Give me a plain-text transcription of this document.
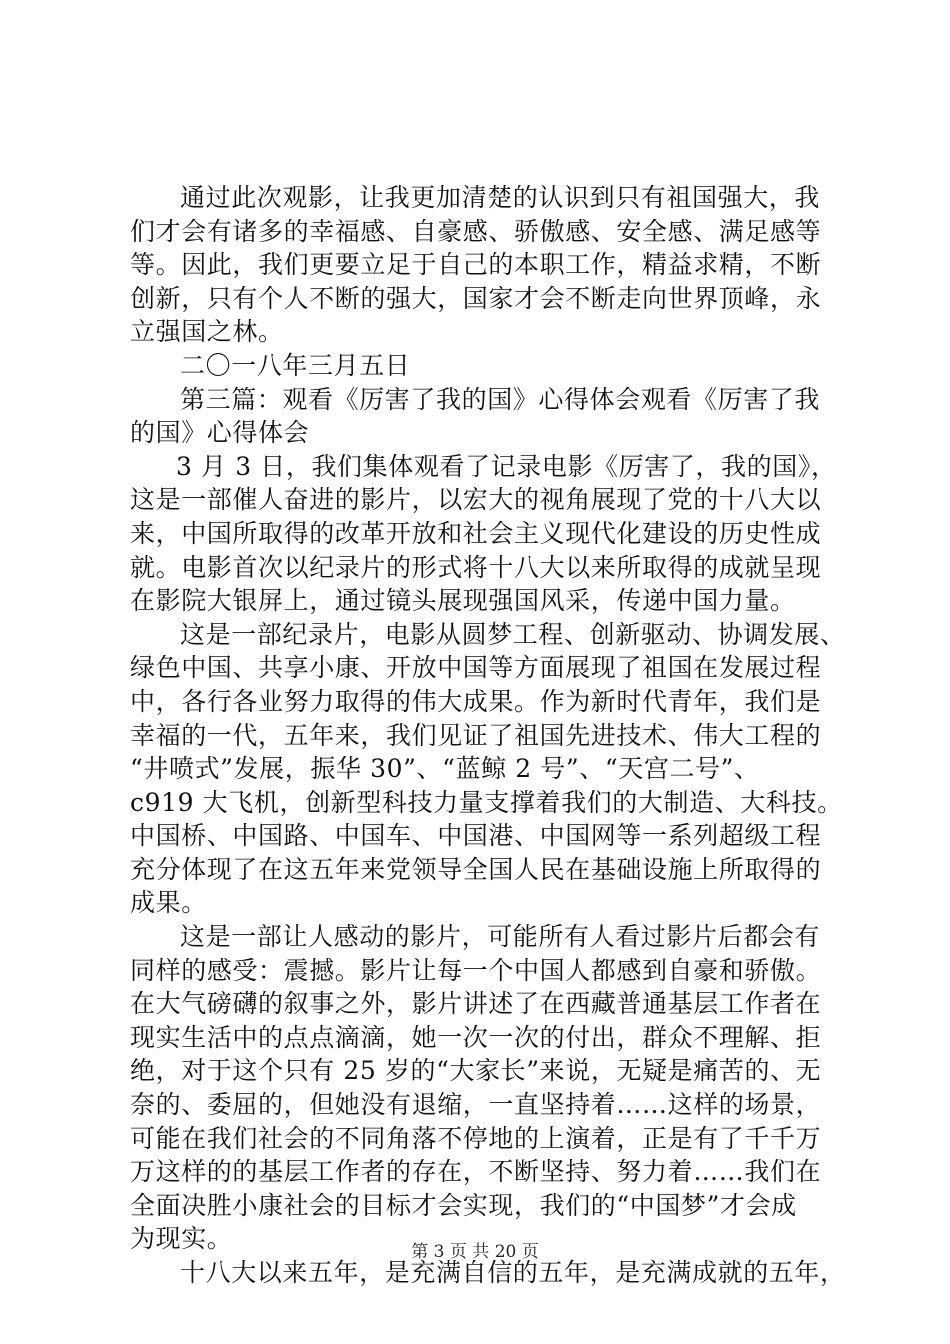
通过此次观影，让我更加清楚的认识到只有祖国强大，我
们才会有诸多的幸福感、自豪感、骄傲感、安全感、满足感等
等。因此，我们更要立足于自己的本职工作，精益求精，不断
创新，只有个人不断的强大，国家才会不断走向世界顶峰，永
立强国之林。
二〇一八年三月五日
第三篇：观看《厉害了我的国》心得体会观看《厉害了我
的国》心得体会
3 月 3 日，我们集体观看了记录电影《厉害了，我的国》，
这是一部催人奋进的影片，以宏大的视角展现了党的十八大以
来，中国所取得的改革开放和社会主义现代化建设的历史性成
就。电影首次以纪录片的形式将十八大以来所取得的成就呈现
在影院大银屏上，通过镜头展现强国风采，传递中国力量。
这是一部纪录片，电影从圆梦工程、创新驱动、协调发展、
绿色中国、共享小康、开放中国等方面展现了祖国在发展过程
中，各行各业努力取得的伟大成果。作为新时代青年，我们是
幸福的一代，五年来，我们见证了祖国先进技术、伟大工程的
“井喷式”发展，振华 30”、“蓝鲸 2 号”、“天宫二号”、
c919 大飞机，创新型科技力量支撑着我们的大制造、大科技。
中国桥、中国路、中国车、中国港、中国网等一系列超级工程
充分体现了在这五年来党领导全国人民在基础设施上所取得的
成果。
这是一部让人感动的影片，可能所有人看过影片后都会有
同样的感受：震撼。影片让每一个中国人都感到自豪和骄傲。
在大气磅礴的叙事之外，影片讲述了在西藏普通基层工作者在
现实生活中的点点滴滴，她一次一次的付出，群众不理解、拒
绝，对于这个只有 25 岁的“大家长”来说，无疑是痛苦的、无
奈的、委屈的，但她没有退缩，一直坚持着……这样的场景，
可能在我们社会的不同角落不停地的上演着，正是有了千千万
万这样的的基层工作者的存在，不断坚持、努力着……我们在
全面决胜小康社会的目标才会实现，我们的“中国梦”才会成
为现实。
十八大以来五年，是充满自信的五年，是充满成就的五年，
第 3 页 共 20 页
